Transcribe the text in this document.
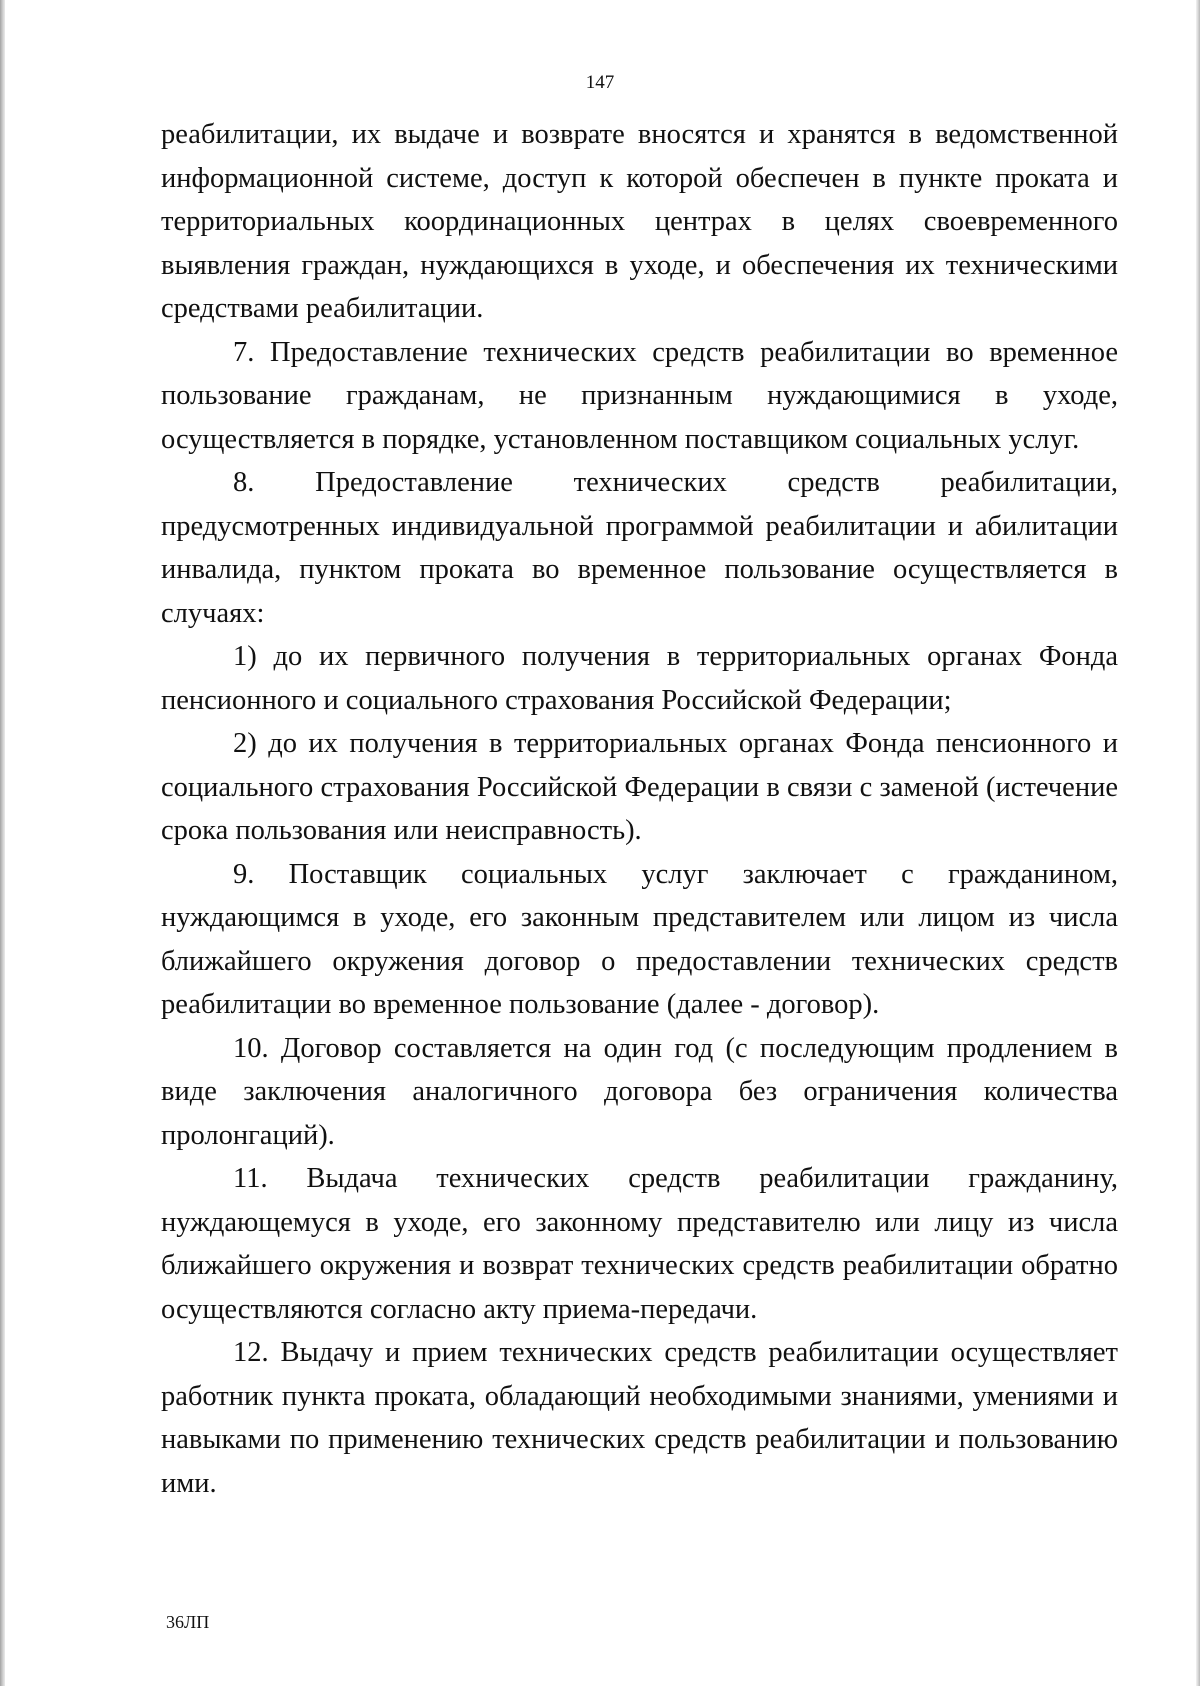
147

реабилитации, их выдаче и возврате вносятся и хранятся в ведомственной информационной системе, доступ к которой обеспечен в пункте проката и территориальных координационных центрах в целях своевременного выявления граждан, нуждающихся в уходе, и обеспечения их техническими средствами реабилитации.

7. Предоставление технических средств реабилитации во временное пользование гражданам, не признанным нуждающимися в уходе, осуществляется в порядке, установленном поставщиком социальных услуг.

8. Предоставление технических средств реабилитации, предусмотренных индивидуальной программой реабилитации и абилитации инвалида, пунктом проката во временное пользование осуществляется в случаях:

1) до их первичного получения в территориальных органах Фонда пенсионного и социального страхования Российской Федерации;

2) до их получения в территориальных органах Фонда пенсионного и социального страхования Российской Федерации в связи с заменой (истечение срока пользования или неисправность).

9. Поставщик социальных услуг заключает с гражданином, нуждающимся в уходе, его законным представителем или лицом из числа ближайшего окружения договор о предоставлении технических средств реабилитации во временное пользование (далее - договор).

10. Договор составляется на один год (с последующим продлением в виде заключения аналогичного договора без ограничения количества пролонгаций).

11. Выдача технических средств реабилитации гражданину, нуждающемуся в уходе, его законному представителю или лицу из числа ближайшего окружения и возврат технических средств реабилитации обратно осуществляются согласно акту приема-передачи.

12. Выдачу и прием технических средств реабилитации осуществляет работник пункта проката, обладающий необходимыми знаниями, умениями и навыками по применению технических средств реабилитации и пользованию ими.

36ЛП
